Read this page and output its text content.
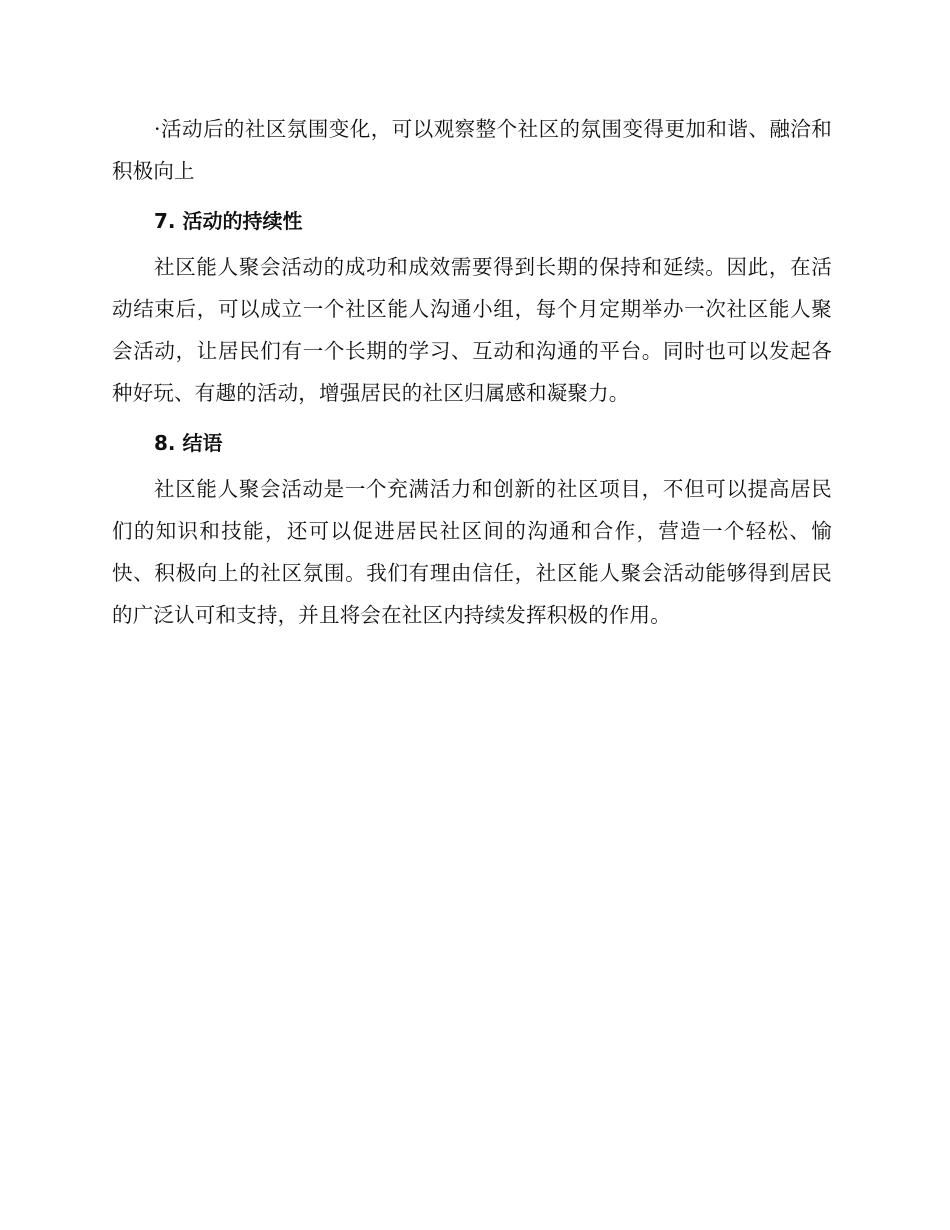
·活动后的社区氛围变化，可以观察整个社区的氛围变得更加和谐、融洽和积极向上

7. 活动的持续性

社区能人聚会活动的成功和成效需要得到长期的保持和延续。因此，在活动结束后，可以成立一个社区能人沟通小组，每个月定期举办一次社区能人聚会活动，让居民们有一个长期的学习、互动和沟通的平台。同时也可以发起各种好玩、有趣的活动，增强居民的社区归属感和凝聚力。

8. 结语

社区能人聚会活动是一个充满活力和创新的社区项目，不但可以提高居民们的知识和技能，还可以促进居民社区间的沟通和合作，营造一个轻松、愉快、积极向上的社区氛围。我们有理由信任，社区能人聚会活动能够得到居民的广泛认可和支持，并且将会在社区内持续发挥积极的作用。
